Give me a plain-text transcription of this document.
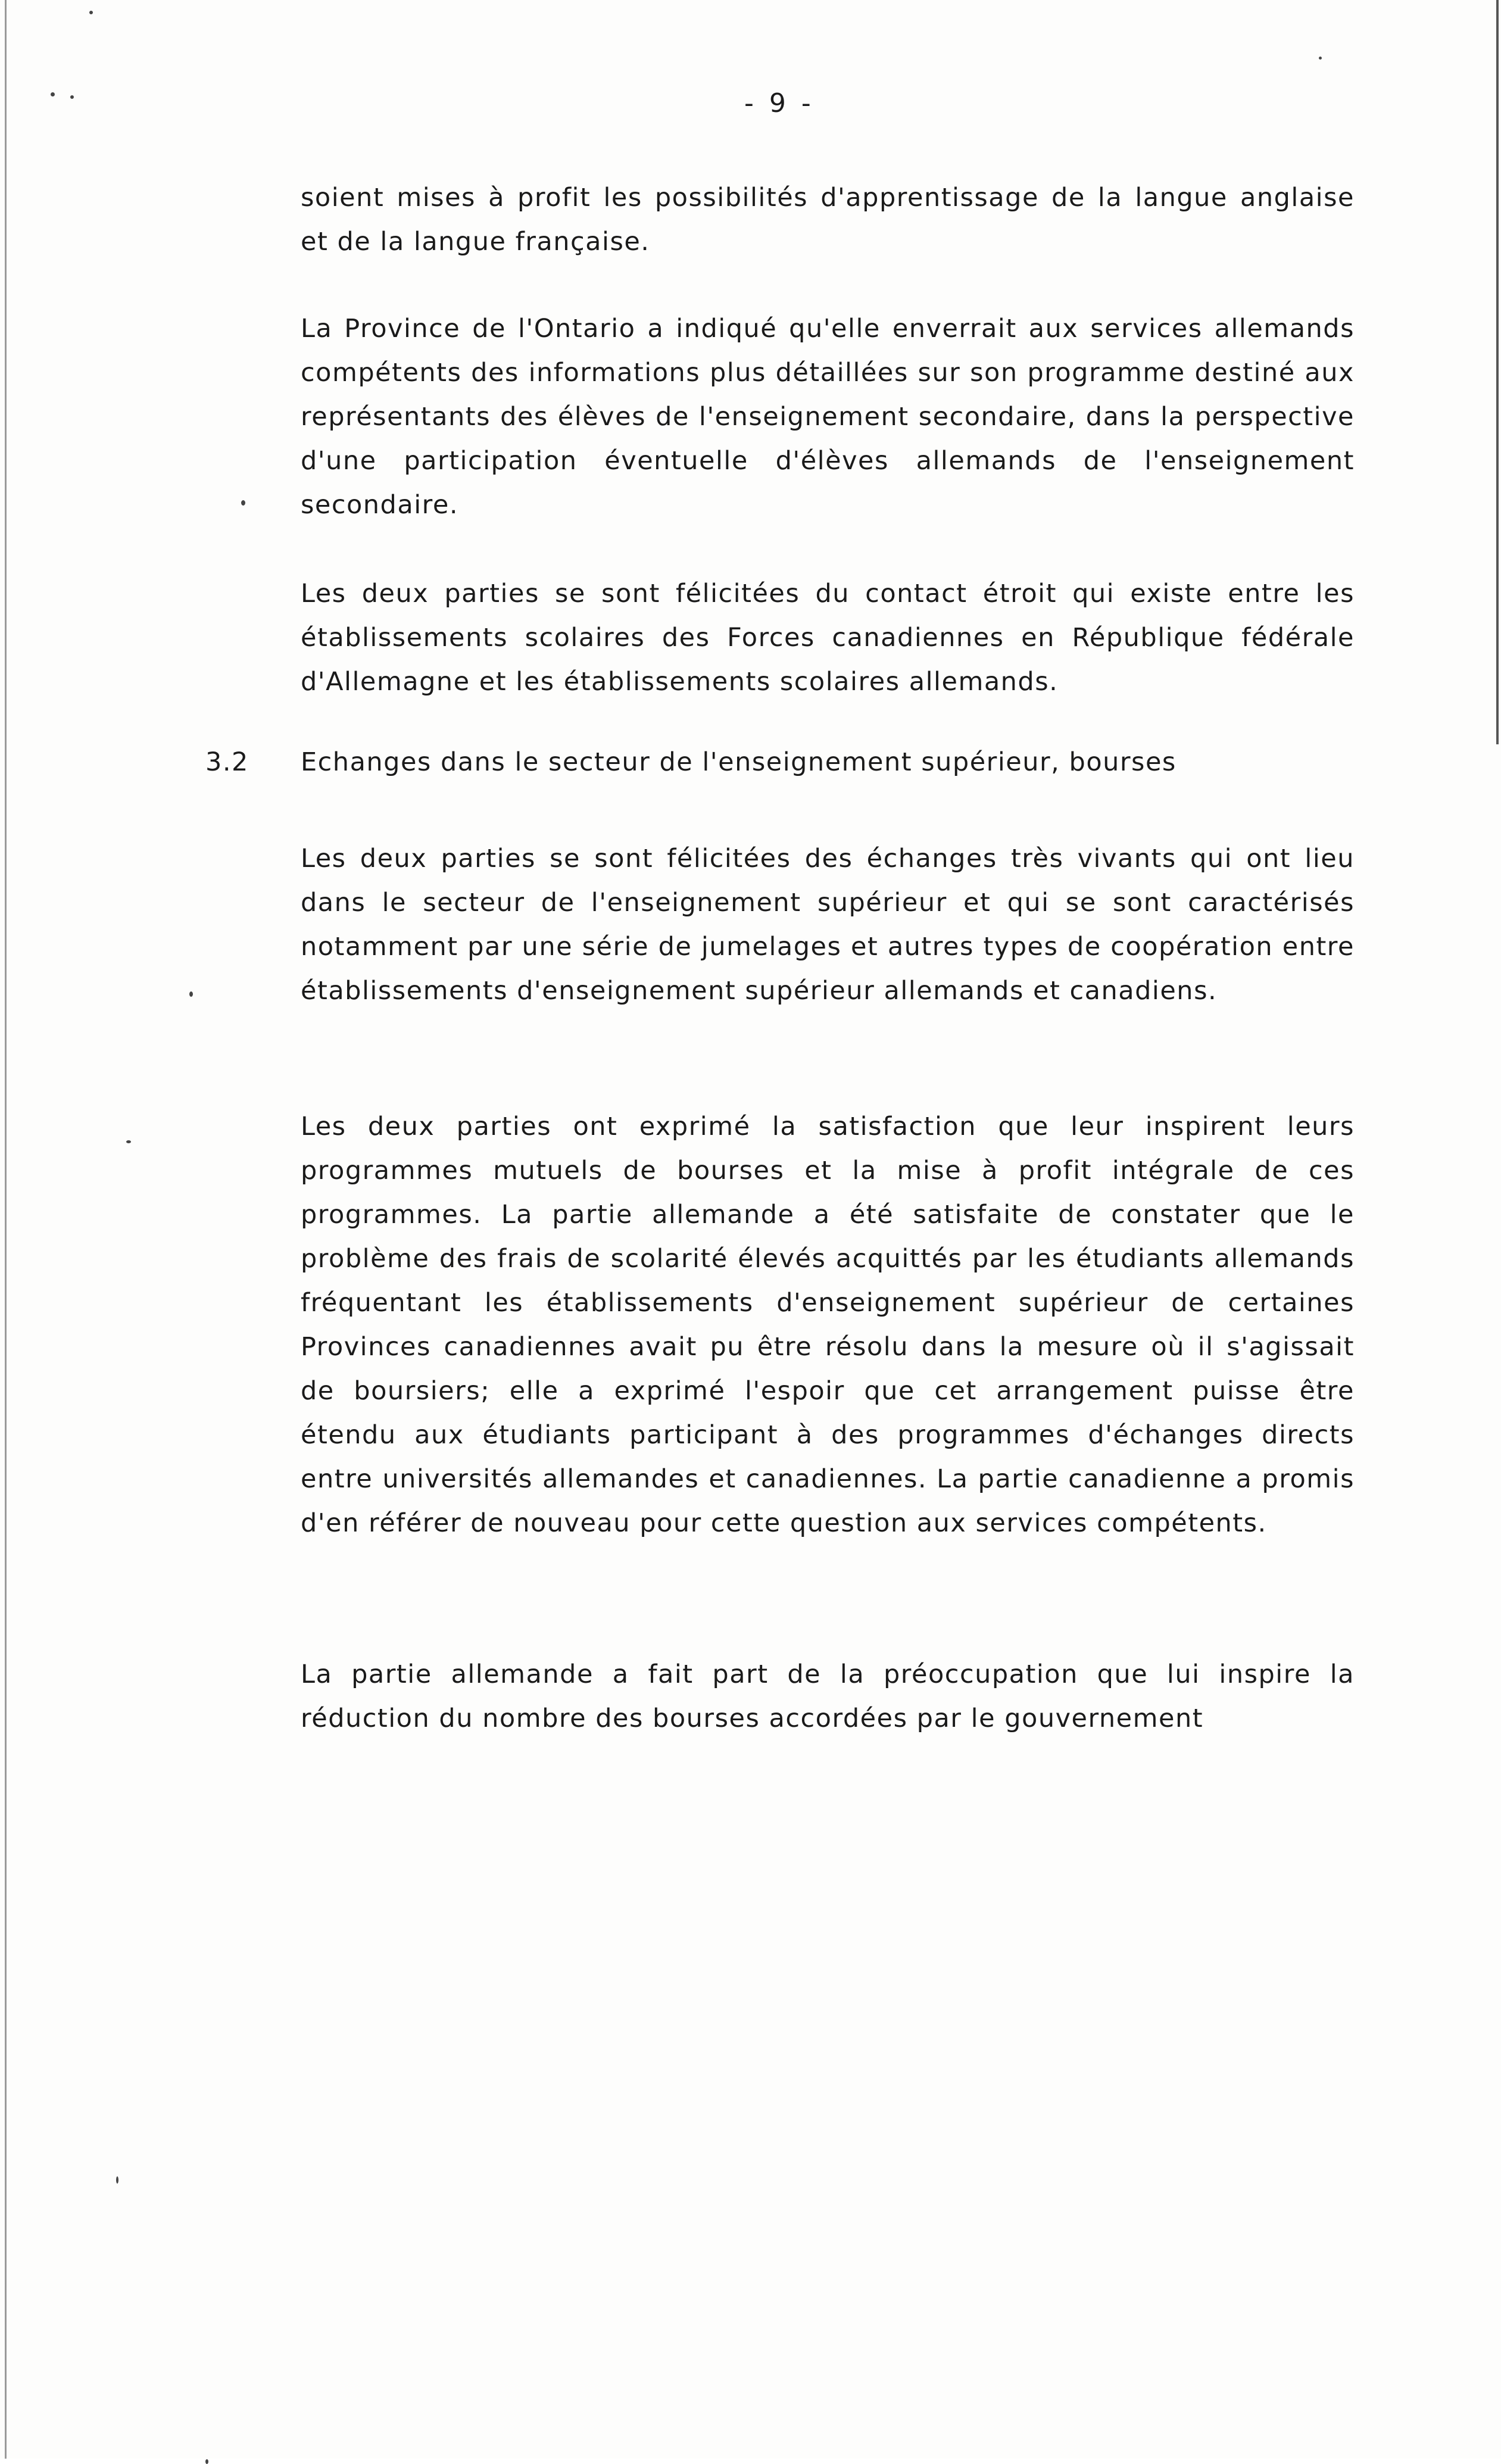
- 9 -

soient mises à profit les possibilités d'apprentissage de la langue anglaise et de la langue française.

La Province de l'Ontario a indiqué qu'elle enverrait aux services allemands compétents des informations plus détaillées sur son programme destiné aux représentants des élèves de l'enseignement secondaire, dans la perspective d'une participation éventuelle d'élèves allemands de l'enseignement secondaire.

Les deux parties se sont félicitées du contact étroit qui existe entre les établissements scolaires des Forces canadiennes en République fédérale d'Allemagne et les établissements scolaires allemands.

3.2 Echanges dans le secteur de l'enseignement supérieur, bourses

Les deux parties se sont félicitées des échanges très vivants qui ont lieu dans le secteur de l'enseignement supérieur et qui se sont caractérisés notamment par une série de jumelages et autres types de coopération entre établissements d'enseignement supérieur allemands et canadiens.

Les deux parties ont exprimé la satisfaction que leur inspirent leurs programmes mutuels de bourses et la mise à profit intégrale de ces programmes. La partie allemande a été satisfaite de constater que le problème des frais de scolarité élevés acquittés par les étudiants allemands fréquentant les établissements d'enseignement supérieur de certaines Provinces canadiennes avait pu être résolu dans la mesure où il s'agissait de boursiers; elle a exprimé l'espoir que cet arrangement puisse être étendu aux étudiants participant à des programmes d'échanges directs entre universités allemandes et canadiennes. La partie canadienne a promis d'en référer de nouveau pour cette question aux services compétents.

La partie allemande a fait part de la préoccupation que lui inspire la réduction du nombre des bourses accordées par le gouvernement
